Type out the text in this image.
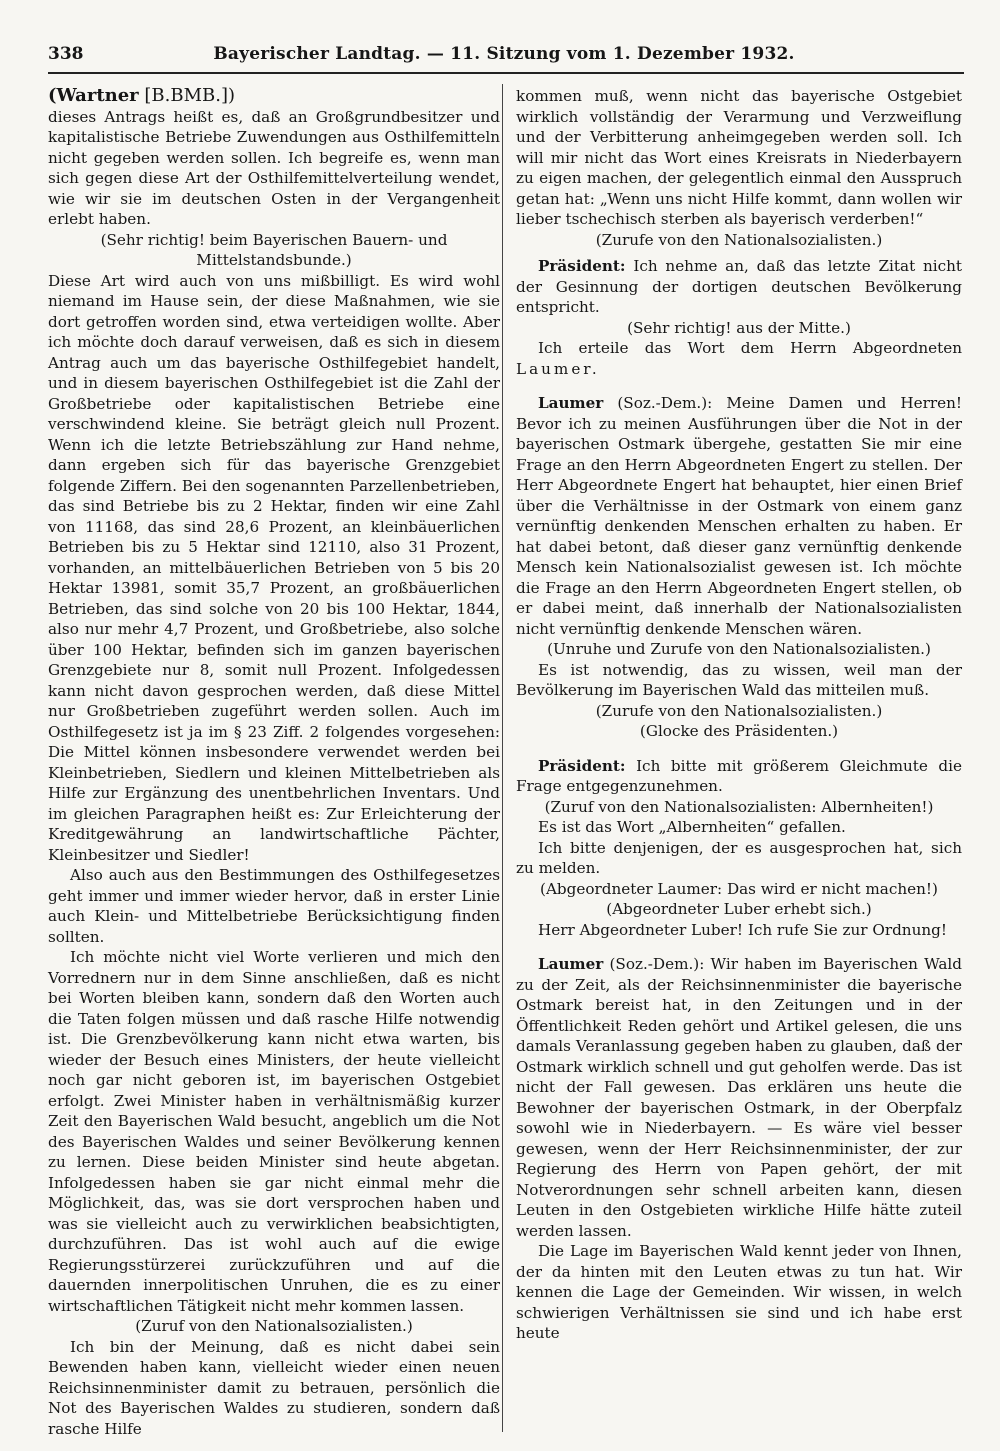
338	Bayerischer Landtag. — 11. Sitzung vom 1. Dezember 1932.

(Wartner [B.BMB.])

dieses Antrags heißt es, daß an Großgrundbesitzer und kapitalistische Betriebe Zuwendungen aus Osthilfemitteln nicht gegeben werden sollen. Ich begreife es, wenn man sich gegen diese Art der Osthilfemittelverteilung wendet, wie wir sie im deutschen Osten in der Vergangenheit erlebt haben.

(Sehr richtig! beim Bayerischen Bauern- und Mittelstandsbunde.)

Diese Art wird auch von uns mißbilligt. Es wird wohl niemand im Hause sein, der diese Maßnahmen, wie sie dort getroffen worden sind, etwa verteidigen wollte. Aber ich möchte doch darauf verweisen, daß es sich in diesem Antrag auch um das bayerische Osthilfegebiet handelt, und in diesem bayerischen Osthilfegebiet ist die Zahl der Großbetriebe oder kapitalistischen Betriebe eine verschwindend kleine. Sie beträgt gleich null Prozent. Wenn ich die letzte Betriebszählung zur Hand nehme, dann ergeben sich für das bayerische Grenzgebiet folgende Ziffern. Bei den sogenannten Parzellenbetrieben, das sind Betriebe bis zu 2 Hektar, finden wir eine Zahl von 11168, das sind 28,6 Prozent, an kleinbäuerlichen Betrieben bis zu 5 Hektar sind 12110, also 31 Prozent, vorhanden, an mittelbäuerlichen Betrieben von 5 bis 20 Hektar 13981, somit 35,7 Prozent, an großbäuerlichen Betrieben, das sind solche von 20 bis 100 Hektar, 1844, also nur mehr 4,7 Prozent, und Großbetriebe, also solche über 100 Hektar, befinden sich im ganzen bayerischen Grenzgebiete nur 8, somit null Prozent. Infolgedessen kann nicht davon gesprochen werden, daß diese Mittel nur Großbetrieben zugeführt werden sollen. Auch im Osthilfegesetz ist ja im § 23 Ziff. 2 folgendes vorgesehen: Die Mittel können insbesondere verwendet werden bei Kleinbetrieben, Siedlern und kleinen Mittelbetrieben als Hilfe zur Ergänzung des unentbehrlichen Inventars. Und im gleichen Paragraphen heißt es: Zur Erleichterung der Kreditgewährung an landwirtschaftliche Pächter, Kleinbesitzer und Siedler!

Also auch aus den Bestimmungen des Osthilfegesetzes geht immer und immer wieder hervor, daß in erster Linie auch Klein- und Mittelbetriebe Berücksichtigung finden sollten.

Ich möchte nicht viel Worte verlieren und mich den Vorrednern nur in dem Sinne anschließen, daß es nicht bei Worten bleiben kann, sondern daß den Worten auch die Taten folgen müssen und daß rasche Hilfe notwendig ist. Die Grenzbevölkerung kann nicht etwa warten, bis wieder der Besuch eines Ministers, der heute vielleicht noch gar nicht geboren ist, im bayerischen Ostgebiet erfolgt. Zwei Minister haben in verhältnismäßig kurzer Zeit den Bayerischen Wald besucht, angeblich um die Not des Bayerischen Waldes und seiner Bevölkerung kennen zu lernen. Diese beiden Minister sind heute abgetan. Infolgedessen haben sie gar nicht einmal mehr die Möglichkeit, das, was sie dort versprochen haben und was sie vielleicht auch zu verwirklichen beabsichtigten, durchzuführen. Das ist wohl auch auf die ewige Regierungsstürzerei zurückzuführen und auf die dauernden innerpolitischen Unruhen, die es zu einer wirtschaftlichen Tätigkeit nicht mehr kommen lassen.

(Zuruf von den Nationalsozialisten.)

Ich bin der Meinung, daß es nicht dabei sein Bewenden haben kann, vielleicht wieder einen neuen Reichsinnenminister damit zu betrauen, persönlich die Not des Bayerischen Waldes zu studieren, sondern daß rasche Hilfe

kommen muß, wenn nicht das bayerische Ostgebiet wirklich vollständig der Verarmung und Verzweiflung und der Verbitterung anheimgegeben werden soll. Ich will mir nicht das Wort eines Kreisrats in Niederbayern zu eigen machen, der gelegentlich einmal den Ausspruch getan hat: „Wenn uns nicht Hilfe kommt, dann wollen wir lieber tschechisch sterben als bayerisch verderben!“

(Zurufe von den Nationalsozialisten.)

Präsident: Ich nehme an, daß das letzte Zitat nicht der Gesinnung der dortigen deutschen Bevölkerung entspricht.

(Sehr richtig! aus der Mitte.)

Ich erteile das Wort dem Herrn Abgeordneten Laumer.

Laumer (Soz.-Dem.): Meine Damen und Herren! Bevor ich zu meinen Ausführungen über die Not in der bayerischen Ostmark übergehe, gestatten Sie mir eine Frage an den Herrn Abgeordneten Engert zu stellen. Der Herr Abgeordnete Engert hat behauptet, hier einen Brief über die Verhältnisse in der Ostmark von einem ganz vernünftig denkenden Menschen erhalten zu haben. Er hat dabei betont, daß dieser ganz vernünftig denkende Mensch kein Nationalsozialist gewesen ist. Ich möchte die Frage an den Herrn Abgeordneten Engert stellen, ob er dabei meint, daß innerhalb der Nationalsozialisten nicht vernünftig denkende Menschen wären.

(Unruhe und Zurufe von den Nationalsozialisten.)

Es ist notwendig, das zu wissen, weil man der Bevölkerung im Bayerischen Wald das mitteilen muß.

(Zurufe von den Nationalsozialisten.)

(Glocke des Präsidenten.)

Präsident: Ich bitte mit größerem Gleichmute die Frage entgegenzunehmen.

(Zuruf von den Nationalsozialisten: Albernheiten!)

Es ist das Wort „Albernheiten“ gefallen.

Ich bitte denjenigen, der es ausgesprochen hat, sich zu melden.

(Abgeordneter Laumer: Das wird er nicht machen!)

(Abgeordneter Luber erhebt sich.)

Herr Abgeordneter Luber! Ich rufe Sie zur Ordnung!

Laumer (Soz.-Dem.): Wir haben im Bayerischen Wald zu der Zeit, als der Reichsinnenminister die bayerische Ostmark bereist hat, in den Zeitungen und in der Öffentlichkeit Reden gehört und Artikel gelesen, die uns damals Veranlassung gegeben haben zu glauben, daß der Ostmark wirklich schnell und gut geholfen werde. Das ist nicht der Fall gewesen. Das erklären uns heute die Bewohner der bayerischen Ostmark, in der Oberpfalz sowohl wie in Niederbayern. — Es wäre viel besser gewesen, wenn der Herr Reichsinnenminister, der zur Regierung des Herrn von Papen gehört, der mit Notverordnungen sehr schnell arbeiten kann, diesen Leuten in den Ostgebieten wirkliche Hilfe hätte zuteil werden lassen.

Die Lage im Bayerischen Wald kennt jeder von Ihnen, der da hinten mit den Leuten etwas zu tun hat. Wir kennen die Lage der Gemeinden. Wir wissen, in welch schwierigen Verhältnissen sie sind und ich habe erst heute
